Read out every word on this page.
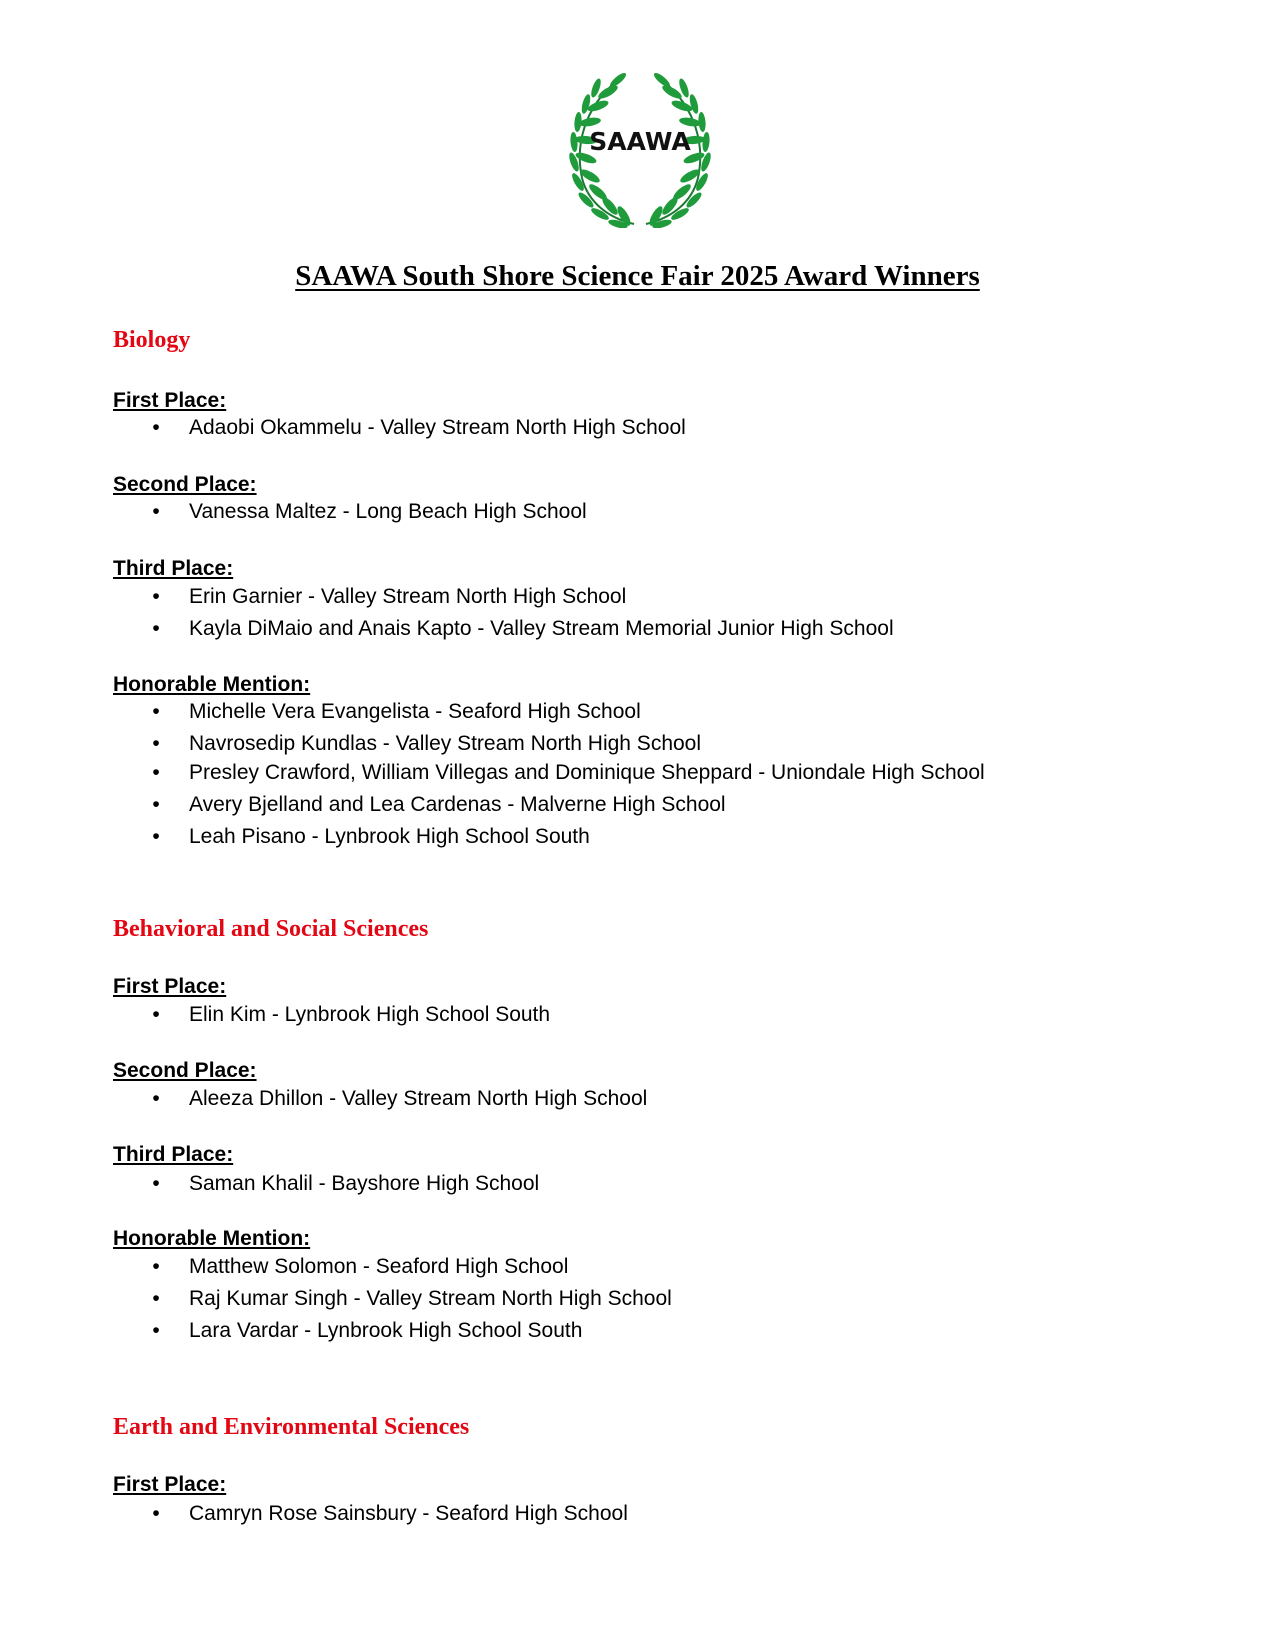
SAAWA
SAAWA South Shore Science Fair 2025 Award Winners
Biology
First Place:
• Adaobi Okammelu - Valley Stream North High School
Second Place:
• Vanessa Maltez - Long Beach High School
Third Place:
• Erin Garnier - Valley Stream North High School
• Kayla DiMaio and Anais Kapto - Valley Stream Memorial Junior High School
Honorable Mention:
• Michelle Vera Evangelista - Seaford High School
• Navrosedip Kundlas - Valley Stream North High School
• Presley Crawford, William Villegas and Dominique Sheppard - Uniondale High School
• Avery Bjelland and Lea Cardenas - Malverne High School
• Leah Pisano - Lynbrook High School South
Behavioral and Social Sciences
First Place:
• Elin Kim - Lynbrook High School South
Second Place:
• Aleeza Dhillon - Valley Stream North High School
Third Place:
• Saman Khalil - Bayshore High School
Honorable Mention:
• Matthew Solomon - Seaford High School
• Raj Kumar Singh - Valley Stream North High School
• Lara Vardar - Lynbrook High School South
Earth and Environmental Sciences
First Place:
• Camryn Rose Sainsbury - Seaford High School
